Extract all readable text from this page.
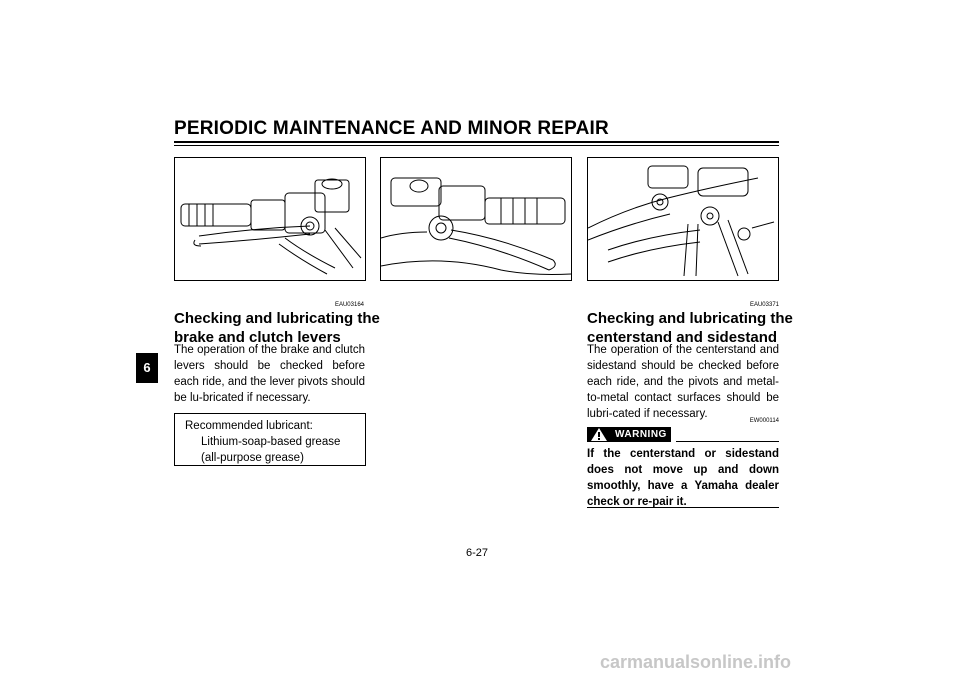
PERIODIC MAINTENANCE AND MINOR REPAIR
6
EAU03164
Checking and lubricating the
brake and clutch levers
The operation of the brake and clutch levers should be checked before each ride, and the lever pivots should be lu-bricated if necessary.
Recommended lubricant:
Lithium-soap-based grease
(all-purpose grease)
EAU03371
Checking and lubricating the
centerstand and sidestand
The operation of the centerstand and sidestand should be checked before each ride, and the pivots and metal-to-metal contact surfaces should be lubri-cated if necessary.
EW000114
WARNING
If the centerstand or sidestand does not move up and down smoothly, have a Yamaha dealer check or re-pair it.
6-27
carmanualsonline.info
